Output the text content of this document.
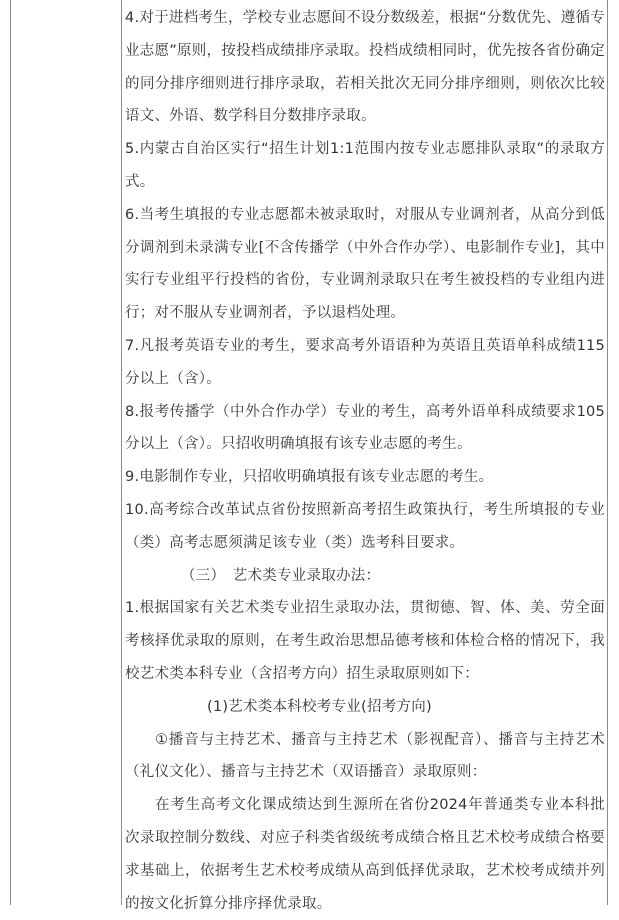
4.对于进档考生，学校专业志愿间不设分数级差，根据“分数优先、遵循专业志愿”原则，按投档成绩排序录取。投档成绩相同时，优先按各省份确定的同分排序细则进行排序录取，若相关批次无同分排序细则，则依次比较语文、外语、数学科目分数排序录取。

5.内蒙古自治区实行“招生计划1:1范围内按专业志愿排队录取”的录取方式。

6.当考生填报的专业志愿都未被录取时，对服从专业调剂者，从高分到低分调剂到未录满专业[不含传播学（中外合作办学）、电影制作专业]，其中实行专业组平行投档的省份，专业调剂录取只在考生被投档的专业组内进行；对不服从专业调剂者，予以退档处理。

7.凡报考英语专业的考生，要求高考外语语种为英语且英语单科成绩115分以上（含）。

8.报考传播学（中外合作办学）专业的考生，高考外语单科成绩要求105分以上（含）。只招收明确填报有该专业志愿的考生。

9.电影制作专业，只招收明确填报有该专业志愿的考生。

10.高考综合改革试点省份按照新高考招生政策执行，考生所填报的专业（类）高考志愿须满足该专业（类）选考科目要求。

（三）　艺术类专业录取办法：

1.根据国家有关艺术类专业招生录取办法，贯彻德、智、体、美、劳全面考核择优录取的原则，在考生政治思想品德考核和体检合格的情况下，我校艺术类本科专业（含招考方向）招生录取原则如下：

(1)艺术类本科校考专业(招考方向)

①播音与主持艺术、播音与主持艺术（影视配音）、播音与主持艺术（礼仪文化）、播音与主持艺术（双语播音）录取原则：

在考生高考文化课成绩达到生源所在省份2024年普通类专业本科批次录取控制分数线、对应子科类省级统考成绩合格且艺术校考成绩合格要求基础上，依据考生艺术校考成绩从高到低择优录取，艺术校考成绩并列的按文化折算分排序择优录取。
